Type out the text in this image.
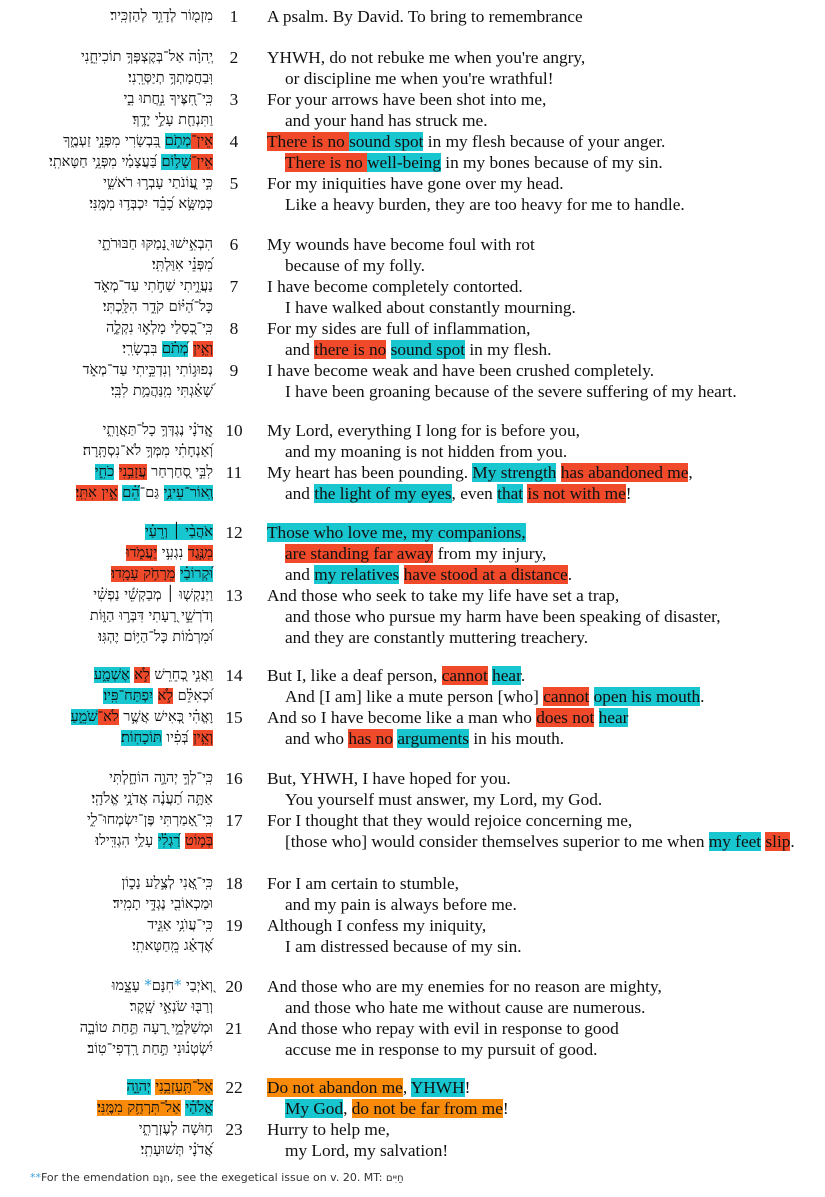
מִזְמ֖וֹר לְדָוִ֣ד לְהַזְכִּֽיר׃ 1	A psalm. By David. To bring to remembrance
יְֽהוָ֗ה אַל־בְּקֶצְפְּךָ֥ תוֹכִיחֵ֑נִי 2	YHWH, do not rebuke me when you're angry,
וּֽבַחֲמָתְךָ֥ תְיַסְּרֵֽנִי׃	or discipline me when you're wrathful!
כִּֽי־חִ֭צֶּיךָ נִ֣חֲתוּ בִ֑י 3	For your arrows have been shot into me,
וַתִּנְחַ֖ת עָלַ֣י יָדֶֽךָ׃	and your hand has struck me.
אֵין־מְתֹ֣ם בִּ֭בְשָׂרִי מִפְּנֵ֣י זַעְמֶ֑ךָ	4	There is no sound spot in my flesh because of your anger.
אֵין־שָׁל֥וֹם בַּ֝עֲצָמַ֗י מִפְּנֵ֥י חַטָּאתִֽי׃	There is no well-being in my bones because of my sin.
כִּ֣י עֲ֭וֹנֹתַי עָבְר֣וּ רֹאשִׁ֑י 5	For my iniquities have gone over my head.
כְּמַשָּׂ֥א כָ֝בֵ֗ד יִכְבְּד֥וּ מִמֶּֽנִּי׃	Like a heavy burden, they are too heavy for me to handle.
הִבְאִ֣ישׁוּ נָ֭מַקּוּ חַבּוּרֹתָ֑י 6	My wounds have become foul with rot
מִ֝פְּנֵ֗י אִוַּלְתִּֽי׃	because of my folly.
נַעֲוֵ֣יתִי שַׁחֹ֣תִי עַד־מְאֹ֑ד 7	I have become completely contorted.
כָּל־הַ֝יּ֗וֹם קֹדֵ֥ר הִלָּֽכְתִּי׃	I have walked about constantly mourning.
כִּֽי־כְ֭סָלַי מָלְא֣וּ נִקְלֶ֑ה 8	For my sides are full of inflammation,
וְאֵ֥ין מְ֝תֹ֗ם בִּבְשָׂרִֽי׃	and there is no sound spot in my flesh.
נְפוּג֣וֹתִי וְנִדְכֵּ֣יתִי עַד־מְאֹ֑ד 9	I have become weak and have been crushed completely.
שָׁ֝אַ֗גְתִּי מִֽנַּהֲמַ֥ת לִבִּֽי׃	I have been groaning because of the severe suffering of my heart.
אֲֽדֹנָ֗י נֶגְדְּךָ֥ כָל־תַּאֲוָתִ֑י 10 My Lord, everything I long for is before you,
וְ֝אַנְחָתִ֗י מִמְּךָ֥ לֹא־נִסְתָּֽרָה׃	and my moaning is not hidden from you.
לִבִּ֣י סְ֭חַרְחַר עֲזָבַ֣נִי כֹחִ֑י	11 My heart has been pounding. My strength has abandoned me,
וְֽאוֹר־עֵינַ֥י גַּם־הֵ֝֗ם אֵ֣ין אִתִּֽי׃	and the light of my eyes, even that is not with me!
אֹהֲבַ֨י ׀ וְרֵעַ֗י 12 Those who love me, my companions,
מִנֶּ֣גֶד נִגְעִ֣י יַעֲמֹ֑דוּ	are standing far away from my injury,
וּ֝קְרוֹבַ֗י מֵרָחֹ֥ק עָמָֽדוּ׃	and my relatives have stood at a distance.
וַיְנַקְשׁ֤וּ ׀ מְבַקְשֵׁ֬י נַפְשִׁ֗י 13 And those who seek to take my life have set a trap,
וְדֹרְשֵׁ֣י רָ֭עָתִי דִּבְּר֣וּ הַוּ֑וֹת	and those who pursue my harm have been speaking of disaster,
וּ֝מִרְמ֗וֹת כָּל־הַיּ֥וֹם יֶהְגּֽוּ׃	and they are constantly muttering treachery.
וַאֲנִ֣י כְ֭חֵרֵשׁ לֹ֣א אֶשְׁמָ֑ע	14 But I, like a deaf person, cannot hear.
וּ֝כְאִלֵּ֗ם לֹ֣א יִפְתַּח־פִּֽיו׃	And [I am] like a mute person [who] cannot open his mouth.
וָאֱהִ֗י כְּ֭אִישׁ אֲשֶׁ֣ר לֹא־שֹׁמֵ֑עַ	15 And so I have become like a man who does not hear
וְאֵ֥ין בְּ֝פִ֗יו תּוֹכָחֽוֹת׃	and who has no arguments in his mouth.
כִּֽי־לְךָ֣ יְהוָ֣ה הוֹחָ֑לְתִּי 16 But, YHWH, I have hoped for you.
אַתָּ֥ה תַ֝עֲנֶ֗ה אֲדֹנָ֥י אֱלֹהָֽי׃	You yourself must answer, my Lord, my God.
כִּֽי־אָ֭מַרְתִּי פֶּן־יִשְׂמְחוּ־לִ֑י 17 For I thought that they would rejoice concerning me,
בְּמ֥וֹט רַ֝גְלִ֗י עָלַ֥י הִגְדִּֽילוּ׃	[those who] would consider themselves superior to me when my feet slip.
כִּֽי־אֲ֭נִי לְצֶ֣לַע נָכ֑וֹן 18 For I am certain to stumble,
וּמַכְאוֹבִ֖י נֶגְדִּ֣י תָמִֽיד׃	and my pain is always before me.
כִּֽי־עֲוֺנִ֥י אַגִּ֑יד 19 Although I confess my iniquity,
אֶ֝דְאַ֗ג מֵֽחַטָּאתִֽי׃	I am distressed because of my sin.
וְ֭אֹיְבַי *חִנָּם* עָצֵ֑מוּ	20 And those who are my enemies for no reason are mighty,
וְרַבּ֖וּ שֹׂנְאַ֣י שָֽׁקֶר׃	and those who hate me without cause are numerous.
וּמְשַׁלְּמֵ֣י רָ֭עָה תַּ֣חַת טוֹבָ֑ה 21 And those who repay with evil in response to good
יִ֝שְׂטְנ֗וּנִי תַּ֣חַת רָֽדְפִי־טֽוֹב׃	accuse me in response to my pursuit of good.
אַל־תַּֽעַזְבֵ֥נִי יְהוָ֑ה	22 Do not abandon me, YHWH!
אֱ֝לֹהַ֗י אַל־תִּרְחַ֥ק מִמֶּֽנִּי׃	My God, do not be far from me!
ח֥וּשָׁה לְעֶזְרָתִ֑י 23 Hurry to help me,
אֲ֝דֹנָ֗י תְּשׁוּעָתִֽי׃	my Lord, my salvation!
**For the emendation חִנָּם, see the exegetical issue on v. 20. MT: חַיִּים
